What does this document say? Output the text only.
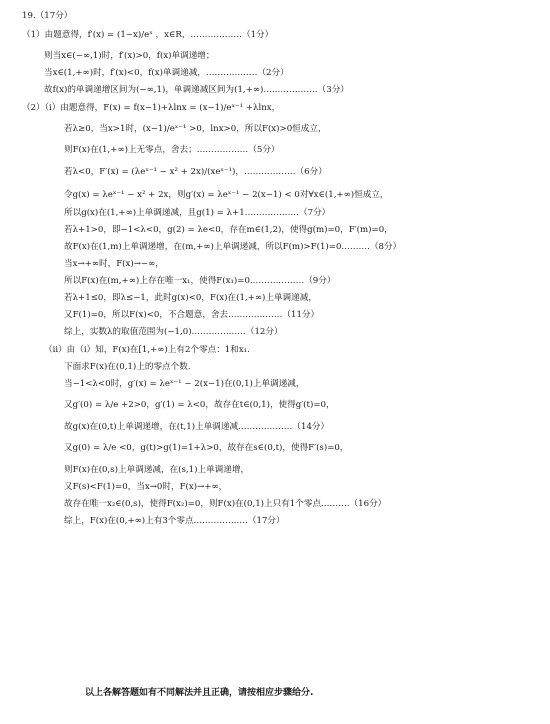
19.（17分）
（1）由题意得，f′(x) = (1−x)/eˣ ，x∈R，………………（1分）
则当x∈(−∞,1)时，f′(x)>0，f(x)单调递增；
当x∈(1,+∞)时，f′(x)<0，f(x)单调递减，………………（2分）
故f(x)的单调递增区间为(−∞,1)，单调递减区间为(1,+∞).………………（3分）
（2）（i）由题意得，F(x) = f(x−1)+λlnx = (x−1)/eˣ⁻¹ +λlnx，
若λ≥0，当x>1时，(x−1)/eˣ⁻¹ >0，lnx>0，所以F(x)>0恒成立，
则F(x)在(1,+∞)上无零点，舍去；………………（5分）
若λ<0，F′(x) = (λeˣ⁻¹ − x² + 2x)/(xeˣ⁻¹)，………………（6分）
令g(x) = λeˣ⁻¹ − x² + 2x，则g′(x) = λeˣ⁻¹ − 2(x−1) < 0对∀x∈(1,+∞)恒成立，
所以g(x)在(1,+∞)上单调递减，且g(1) = λ+1.………………（7分）
若λ+1>0，即−1<λ<0，g(2) = λe<0，存在m∈(1,2)，使得g(m)=0，F′(m)=0，
故F(x)在(1,m)上单调递增，在(m,+∞)上单调递减，所以F(m)>F(1)=0.………（8分）
当x→+∞时，F(x)→−∞，
所以F(x)在(m,+∞)上存在唯一x₁，使得F(x₁)=0.………………（9分）
若λ+1≤0，即λ≤−1，此时g(x)<0，F(x)在(1,+∞)上单调递减，
又F(1)=0，所以F(x)<0，不合题意，舍去.………………（11分）
综上，实数λ的取值范围为(−1,0).………………（12分）
（ii）由（i）知，F(x)在[1,+∞)上有2个零点：1和x₁.
下面求F(x)在(0,1)上的零点个数.
当−1<λ<0时，g′(x) = λeˣ⁻¹ − 2(x−1)在(0,1)上单调递减，
又g′(0) = λ/e +2>0，g′(1) = λ<0，故存在t∈(0,1)，使得g′(t)=0，
故g(x)在(0,t)上单调递增，在(t,1)上单调递减.………………（14分）
又g(0) = λ/e <0，g(t)>g(1)=1+λ>0，故存在s∈(0,t)，使得F′(s)=0，
则F(x)在(0,s)上单调递减，在(s,1)上单调递增，
又F(s)<F(1)=0，当x→0时，F(x)→+∞，
故存在唯一x₂∈(0,s)，使得F(x₂)=0，则F(x)在(0,1)上只有1个零点.………（16分）
综上，F(x)在(0,+∞)上有3个零点.………………（17分）
以上各解答题如有不同解法并且正确，请按相应步骤给分.
